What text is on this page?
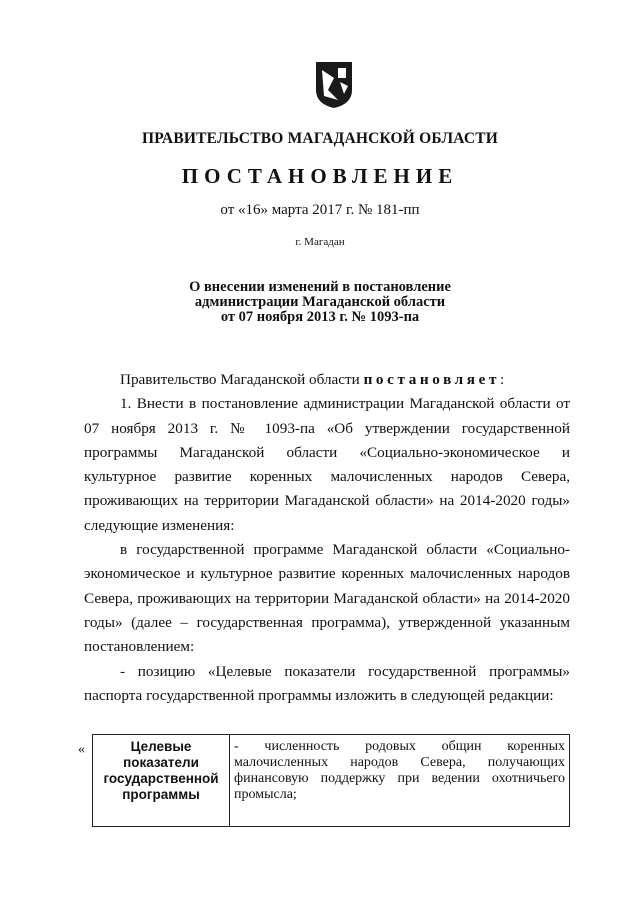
ПРАВИТЕЛЬСТВО МАГАДАНСКОЙ ОБЛАСТИ
ПОСТАНОВЛЕНИЕ
от «16» марта 2017 г. № 181-пп
г. Магадан
О внесении изменений в постановление
администрации Магаданской области
от 07 ноября 2013 г. № 1093-па

Правительство Магаданской области постановляет:

1. Внести в постановление администрации Магаданской области от 07 ноября 2013 г. № 1093-па «Об утверждении государственной программы Магаданской области «Социально-экономическое и культурное развитие коренных малочисленных народов Севера, проживающих на территории Магаданской области» на 2014-2020 годы» следующие изменения:

в государственной программе Магаданской области «Социально-экономическое и культурное развитие коренных малочисленных народов Севера, проживающих на территории Магаданской области» на 2014-2020 годы» (далее – государственная программа), утвержденной указанным постановлением:

- позицию «Целевые показатели государственной программы» паспорта государственной программы изложить в следующей редакции:

«	Целевые показатели государственной программы	- численность родовых общин коренных малочисленных народов Севера, получающих финансовую поддержку при ведении охотничьего промысла;
